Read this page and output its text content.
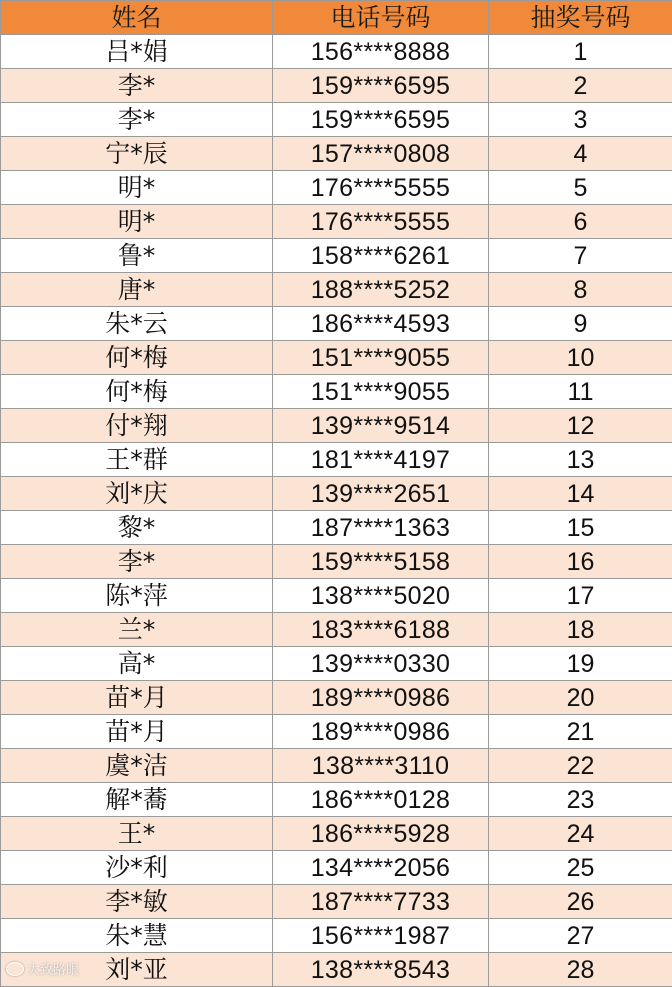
姓名	电话号码	抽奖号码
吕*娟	156****8888	1
李*	159****6595	2
李*	159****6595	3
宁*辰	157****0808	4
明*	176****5555	5
明*	176****5555	6
鲁*	158****6261	7
唐*	188****5252	8
朱*云	186****4593	9
何*梅	151****9055	10
何*梅	151****9055	11
付*翔	139****9514	12
王*群	181****4197	13
刘*庆	139****2651	14
黎*	187****1363	15
李*	159****5158	16
陈*萍	138****5020	17
兰*	183****6188	18
高*	139****0330	19
苗*月	189****0986	20
苗*月	189****0986	21
虞*洁	138****3110	22
解*蕎	186****0128	23
王*	186****5928	24
沙*利	134****2056	25
李*敏	187****7733	26
朱*慧	156****1987	27
刘*亚	138****8543	28
大致路眼
